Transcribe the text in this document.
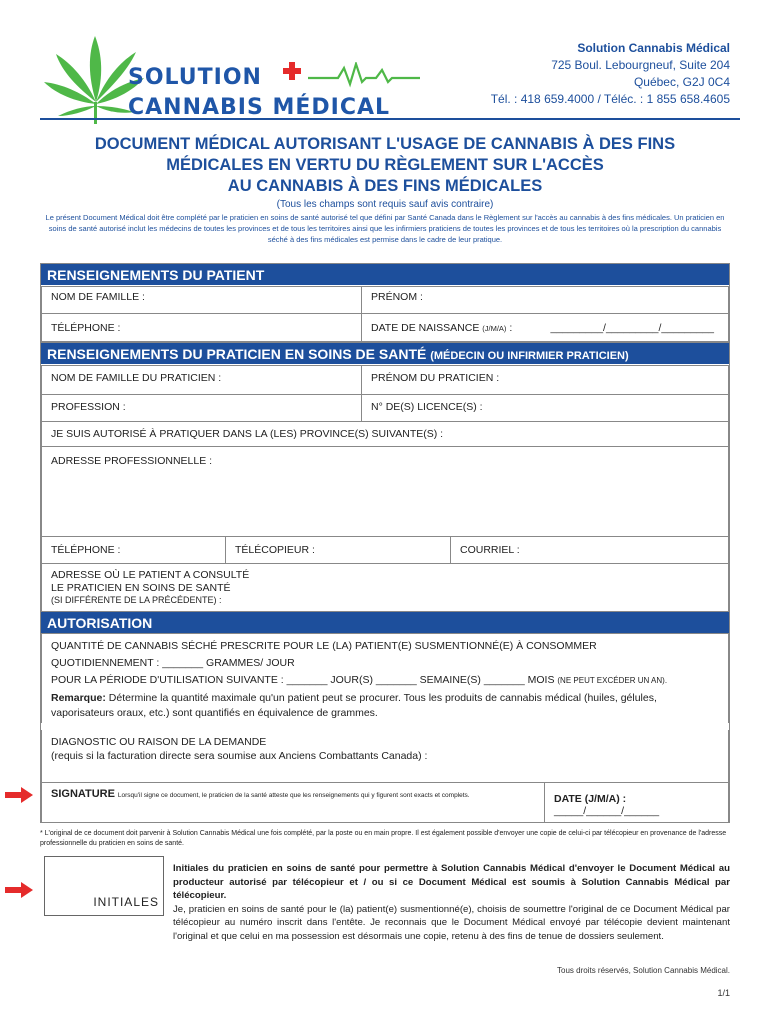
SOLUTION
CANNABIS MÉDICAL
Solution Cannabis Médical
725 Boul. Lebourgneuf, Suite 204
Québec, G2J 0C4
Tél. : 418 659.4000 / Téléc. : 1 855 658.4605
DOCUMENT MÉDICAL AUTORISANT L'USAGE DE CANNABIS À DES FINS
MÉDICALES EN VERTU DU RÈGLEMENT SUR L'ACCÈS
AU CANNABIS À DES FINS MÉDICALES
(Tous les champs sont requis sauf avis contraire)
Le présent Document Médical doit être complété par le praticien en soins de santé autorisé tel que défini par Santé Canada dans le Règlement sur l'accès au cannabis à des fins médicales. Un praticien en soins de santé autorisé inclut les médecins de toutes les provinces et de tous les territoires ainsi que les infirmiers praticiens de toutes les provinces et de tous les territoires où la prescription du cannabis séché à des fins médicales est permise dans le cadre de leur pratique.
RENSEIGNEMENTS DU PATIENT
NOM DE FAMILLE :	PRÉNOM :
TÉLÉPHONE :	DATE DE NAISSANCE (J/M/A) :	_________/_________/_________
RENSEIGNEMENTS DU PRATICIEN EN SOINS DE SANTÉ (MÉDECIN OU INFIRMIER PRATICIEN)
NOM DE FAMILLE DU PRATICIEN :	PRÉNOM DU PRATICIEN :
PROFESSION :	N° DE(S) LICENCE(S) :
JE SUIS AUTORISÉ À PRATIQUER DANS LA (LES) PROVINCE(S) SUIVANTE(S) :
ADRESSE PROFESSIONNELLE :
TÉLÉPHONE :	TÉLÉCOPIEUR :	COURRIEL :
ADRESSE OÙ LE PATIENT A CONSULTÉ
LE PRATICIEN EN SOINS DE SANTÉ
(SI DIFFÉRENTE DE LA PRÉCÉDENTE) :
AUTORISATION
QUANTITÉ DE CANNABIS SÉCHÉ PRESCRITE POUR LE (LA) PATIENT(E) SUSMENTIONNÉ(E) À CONSOMMER
QUOTIDIENNEMENT : _______ GRAMMES/ JOUR
POUR LA PÉRIODE D'UTILISATION SUIVANTE : _______ JOUR(S) _______ SEMAINE(S) _______ MOIS (NE PEUT EXCÉDER UN AN).
Remarque: Détermine la quantité maximale qu'un patient peut se procurer. Tous les produits de cannabis médical (huiles, gélules, vaporisateurs oraux, etc.) sont quantifiés en équivalence de grammes.
DIAGNOSTIC OU RAISON DE LA DEMANDE
(requis si la facturation directe sera soumise aux Anciens Combattants Canada) :
SIGNATURE Lorsqu'il signe ce document, le praticien de la santé atteste que les renseignements qui y figurent sont exacts et complets.	DATE (J/M/A) : _____/______/______
* L'original de ce document doit parvenir à Solution Cannabis Médical une fois complété, par la poste ou en main propre. Il est également possible d'envoyer une copie de celui-ci par télécopieur en provenance de l'adresse professionnelle du praticien en soins de santé.
INITIALES
Initiales du praticien en soins de santé pour permettre à Solution Cannabis Médical d'envoyer le Document Médical au producteur autorisé par télécopieur et / ou si ce Document Médical est soumis à Solution Cannabis Médical par télécopieur.
Je, praticien en soins de santé pour le (la) patient(e) susmentionné(e), choisis de soumettre l'original de ce Document Médical par télécopieur au numéro inscrit dans l'entête. Je reconnais que le Document Médical envoyé par télécopie devient maintenant l'original et que celui en ma possession est désormais une copie, retenu à des fins de tenue de dossiers seulement.
Tous droits réservés, Solution Cannabis Médical.
1/1
